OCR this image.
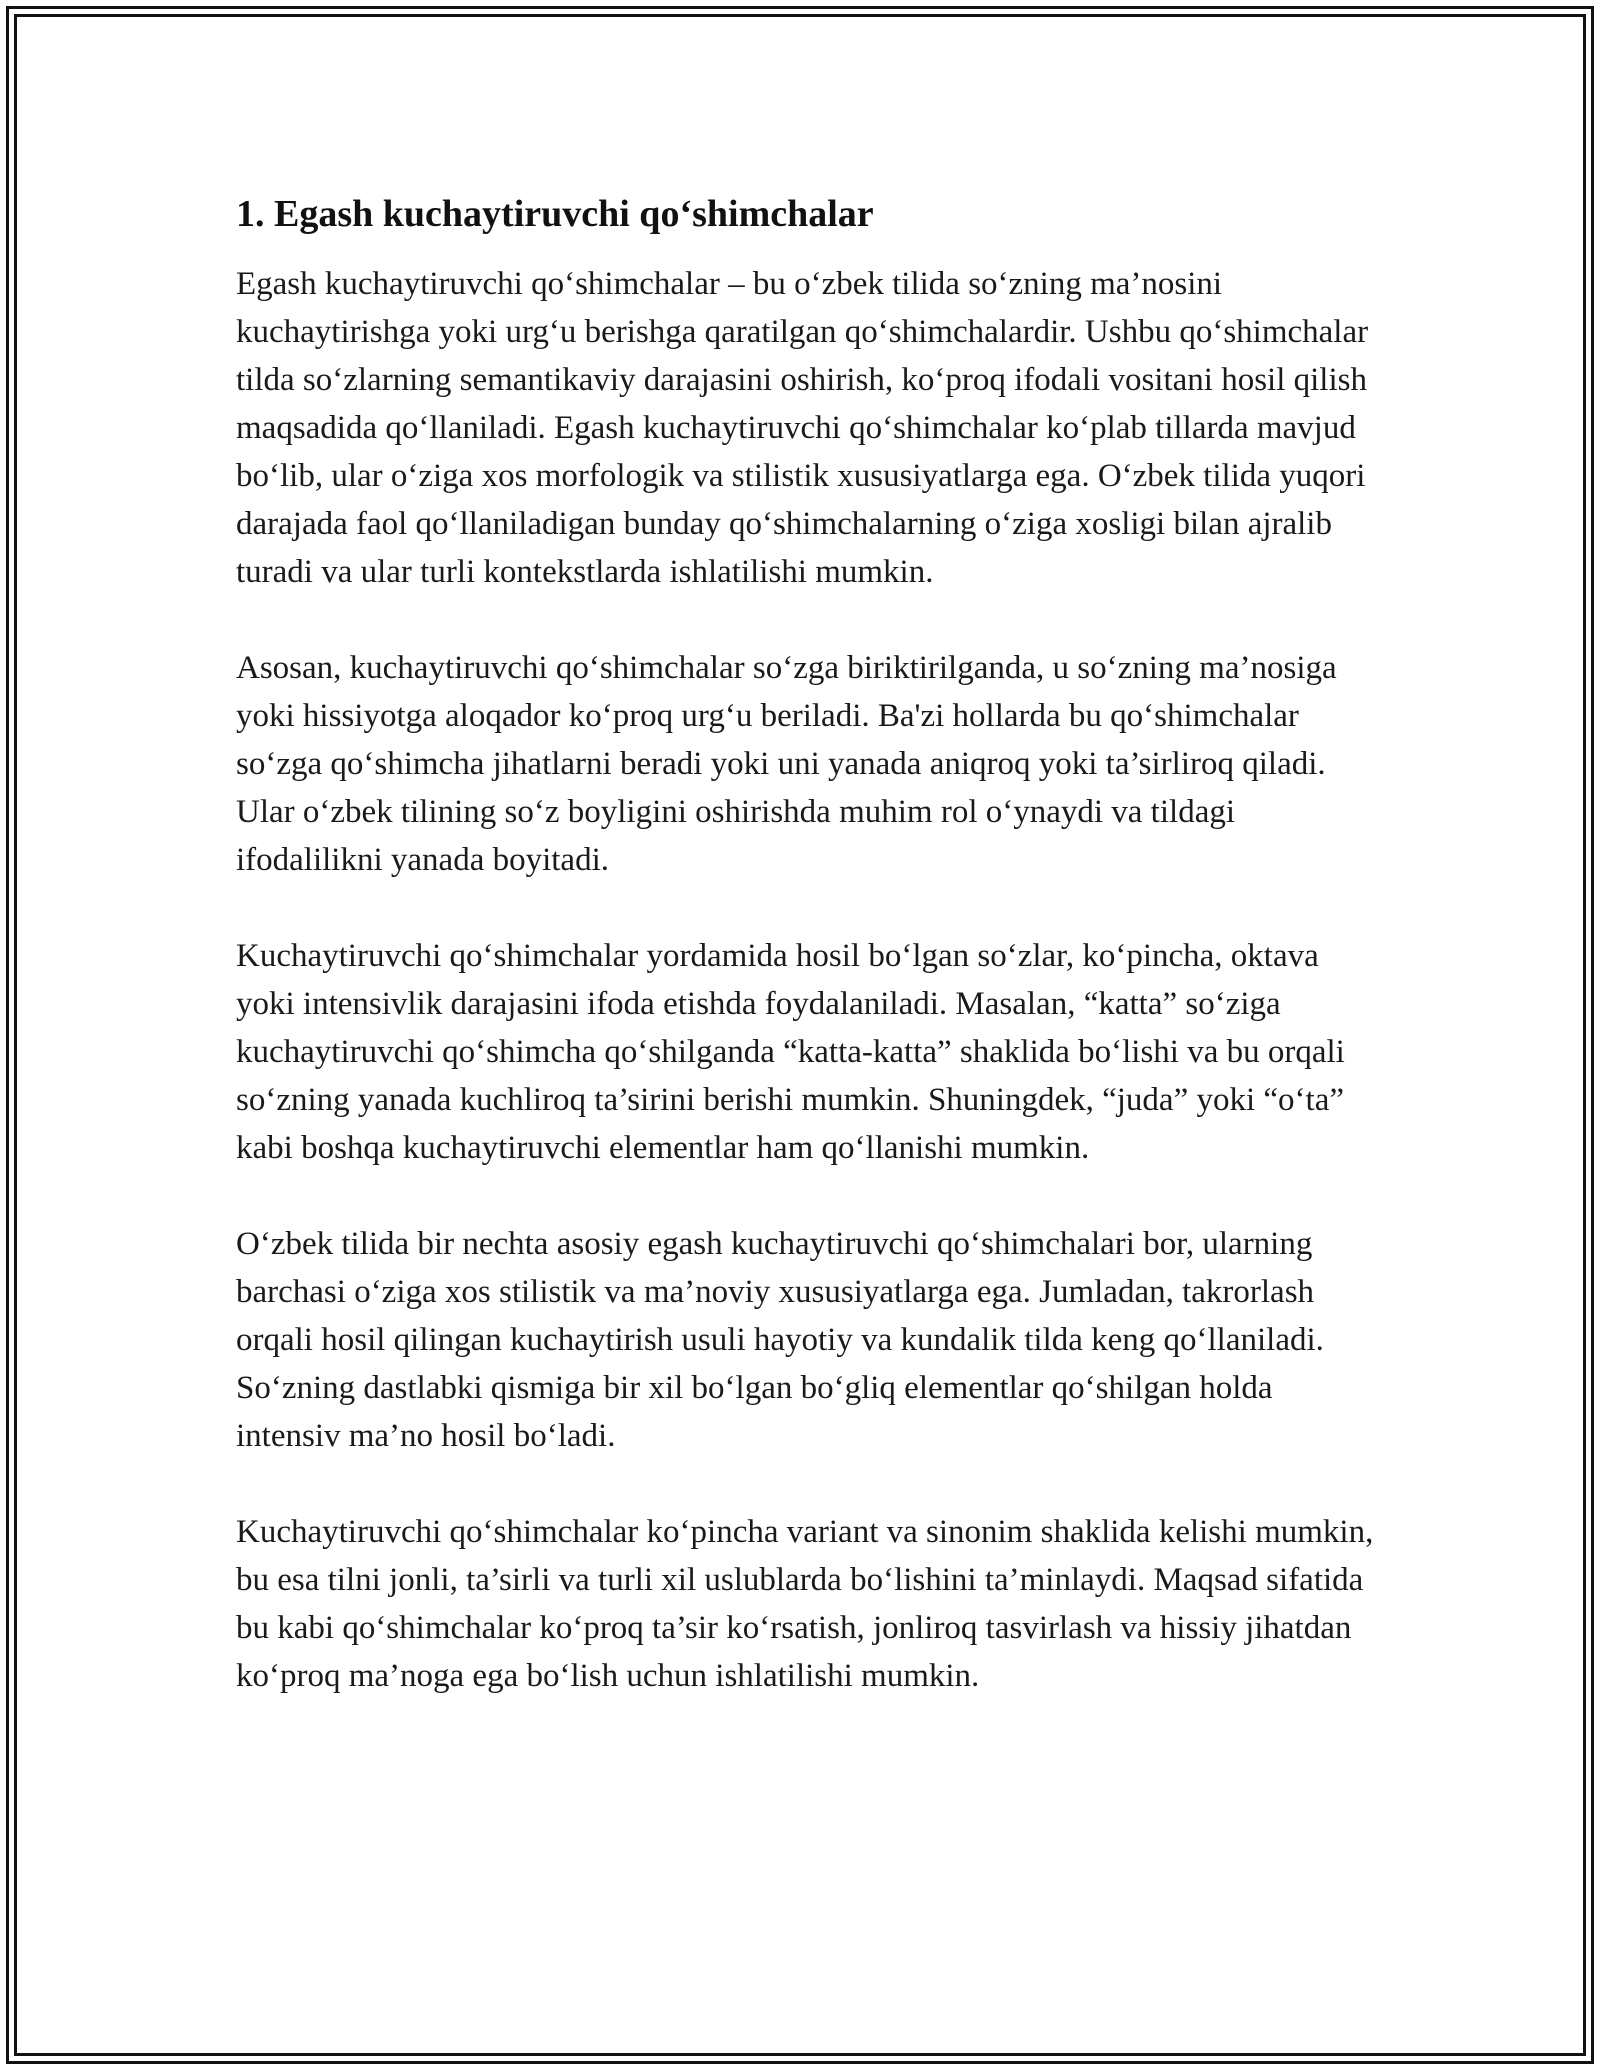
1. Egash kuchaytiruvchi qo‘shimchalar

Egash kuchaytiruvchi qo‘shimchalar – bu o‘zbek tilida so‘zning ma’nosini kuchaytirishga yoki urg‘u berishga qaratilgan qo‘shimchalardir. Ushbu qo‘shimchalar tilda so‘zlarning semantikaviy darajasini oshirish, ko‘proq ifodali vositani hosil qilish maqsadida qo‘llaniladi. Egash kuchaytiruvchi qo‘shimchalar ko‘plab tillarda mavjud bo‘lib, ular o‘ziga xos morfologik va stilistik xususiyatlarga ega. O‘zbek tilida yuqori darajada faol qo‘llaniladigan bunday qo‘shimchalarning o‘ziga xosligi bilan ajralib turadi va ular turli kontekstlarda ishlatilishi mumkin.

Asosan, kuchaytiruvchi qo‘shimchalar so‘zga biriktirilganda, u so‘zning ma’nosiga yoki hissiyotga aloqador ko‘proq urg‘u beriladi. Ba'zi hollarda bu qo‘shimchalar so‘zga qo‘shimcha jihatlarni beradi yoki uni yanada aniqroq yoki ta’sirliroq qiladi. Ular o‘zbek tilining so‘z boyligini oshirishda muhim rol o‘ynaydi va tildagi ifodalilikni yanada boyitadi.

Kuchaytiruvchi qo‘shimchalar yordamida hosil bo‘lgan so‘zlar, ko‘pincha, oktava yoki intensivlik darajasini ifoda etishda foydalaniladi. Masalan, “katta” so‘ziga kuchaytiruvchi qo‘shimcha qo‘shilganda “katta-katta” shaklida bo‘lishi va bu orqali so‘zning yanada kuchliroq ta’sirini berishi mumkin. Shuningdek, “juda” yoki “o‘ta” kabi boshqa kuchaytiruvchi elementlar ham qo‘llanishi mumkin.

O‘zbek tilida bir nechta asosiy egash kuchaytiruvchi qo‘shimchalari bor, ularning barchasi o‘ziga xos stilistik va ma’noviy xususiyatlarga ega. Jumladan, takrorlash orqali hosil qilingan kuchaytirish usuli hayotiy va kundalik tilda keng qo‘llaniladi. So‘zning dastlabki qismiga bir xil bo‘lgan bo‘gliq elementlar qo‘shilgan holda intensiv ma’no hosil bo‘ladi.

Kuchaytiruvchi qo‘shimchalar ko‘pincha variant va sinonim shaklida kelishi mumkin, bu esa tilni jonli, ta’sirli va turli xil uslublarda bo‘lishini ta’minlaydi. Maqsad sifatida bu kabi qo‘shimchalar ko‘proq ta’sir ko‘rsatish, jonliroq tasvirlash va hissiy jihatdan ko‘proq ma’noga ega bo‘lish uchun ishlatilishi mumkin.
